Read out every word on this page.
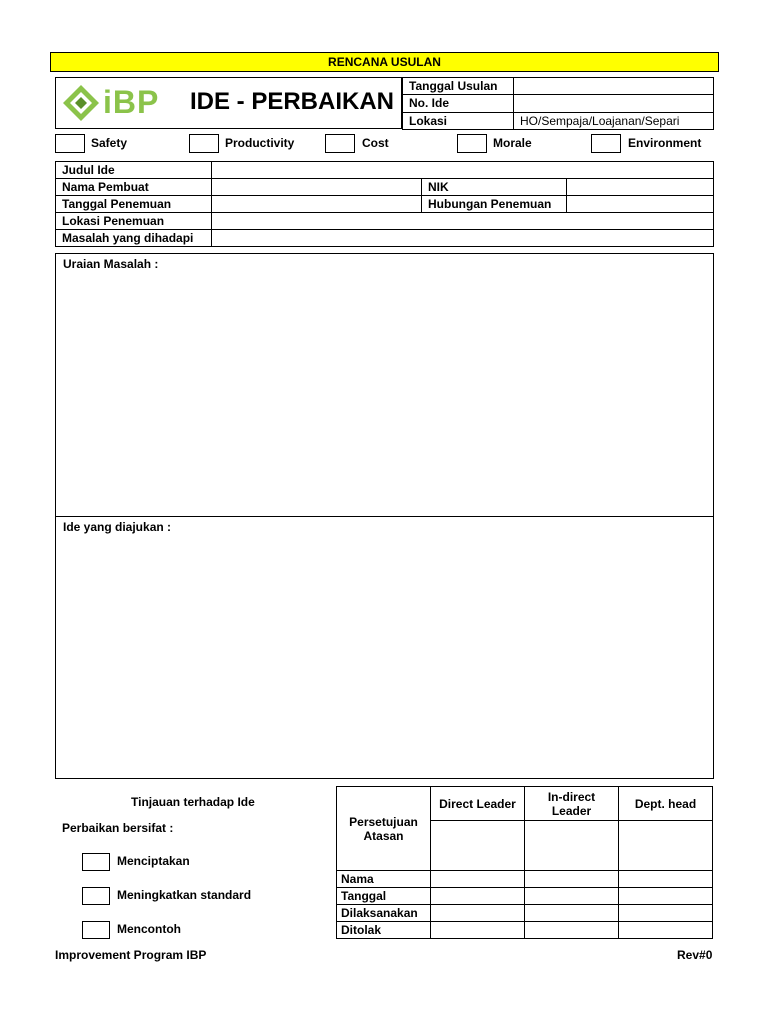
RENCANA USULAN
iBP IDE - PERBAIKAN
Tanggal Usulan	
No. Ide	
Lokasi	HO/Sempaja/Loajanan/Separi
Safety	Productivity	Cost	Morale	Environment
Judul Ide			
Nama Pembuat		NIK	
Tanggal Penemuan		Hubungan Penemuan	
Lokasi Penemuan			
Masalah yang dihadapi			
Uraian Masalah :
Ide yang diajukan :
Tinjauan terhadap Ide
Perbaikan bersifat :
Menciptakan
Meningkatkan standard
Mencontoh
Persetujuan Atasan	Direct Leader	In-direct Leader	Dept. head

Nama			
Tanggal			
Dilaksanakan			
Ditolak			
Improvement Program IBP	Rev#0
